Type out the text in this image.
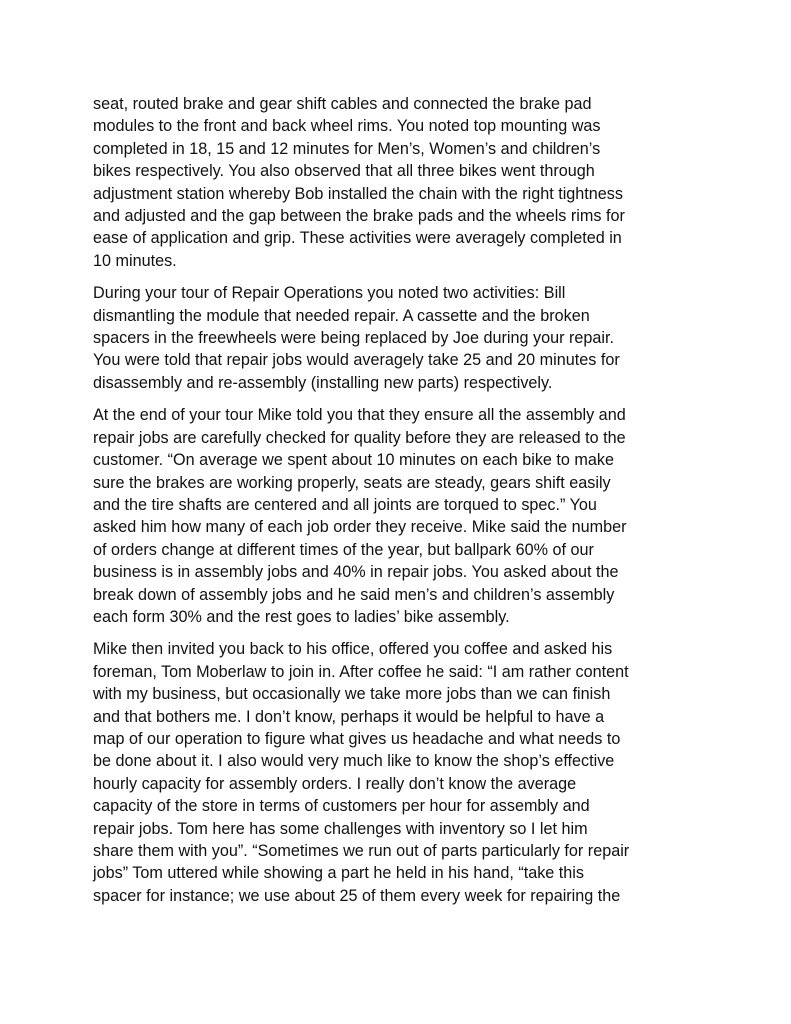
seat, routed brake and gear shift cables and connected the brake pad
modules to the front and back wheel rims. You noted top mounting was
completed in 18, 15 and 12 minutes for Men’s, Women’s and children’s
bikes respectively. You also observed that all three bikes went through
adjustment station whereby Bob installed the chain with the right tightness
and adjusted and the gap between the brake pads and the wheels rims for
ease of application and grip. These activities were averagely completed in
10 minutes.

During your tour of Repair Operations you noted two activities: Bill
dismantling the module that needed repair. A cassette and the broken
spacers in the freewheels were being replaced by Joe during your repair.
You were told that repair jobs would averagely take 25 and 20 minutes for
disassembly and re-assembly (installing new parts) respectively.

At the end of your tour Mike told you that they ensure all the assembly and
repair jobs are carefully checked for quality before they are released to the
customer. “On average we spent about 10 minutes on each bike to make
sure the brakes are working properly, seats are steady, gears shift easily
and the tire shafts are centered and all joints are torqued to spec.” You
asked him how many of each job order they receive. Mike said the number
of orders change at different times of the year, but ballpark 60% of our
business is in assembly jobs and 40% in repair jobs. You asked about the
break down of assembly jobs and he said men’s and children’s assembly
each form 30% and the rest goes to ladies’ bike assembly.

Mike then invited you back to his office, offered you coffee and asked his
foreman, Tom Moberlaw to join in. After coffee he said: “I am rather content
with my business, but occasionally we take more jobs than we can finish
and that bothers me. I don’t know, perhaps it would be helpful to have a
map of our operation to figure what gives us headache and what needs to
be done about it. I also would very much like to know the shop’s effective
hourly capacity for assembly orders. I really don’t know the average
capacity of the store in terms of customers per hour for assembly and
repair jobs. Tom here has some challenges with inventory so I let him
share them with you”. “Sometimes we run out of parts particularly for repair
jobs” Tom uttered while showing a part he held in his hand, “take this
spacer for instance; we use about 25 of them every week for repairing the
